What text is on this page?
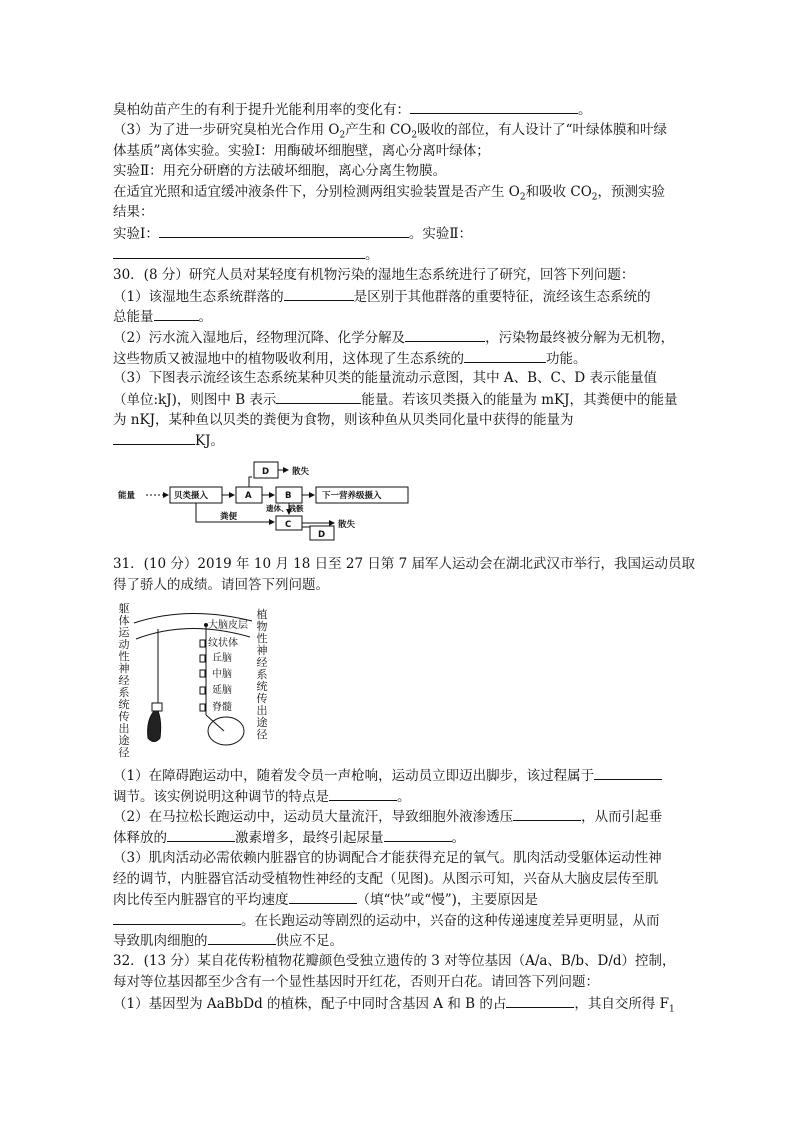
臭柏幼苗产生的有利于提升光能利用率的变化有：	。
（3）为了进一步研究臭柏光合作用 $O_2$产生和 $CO_2$吸收的部位，有人设计了“叶绿体膜和叶绿
体基质”离体实验。实验Ⅰ：用酶破坏细胞壁，离心分离叶绿体；
实验Ⅱ：用充分研磨的方法破坏细胞，离心分离生物膜。
在适宜光照和适宜缓冲液条件下，分别检测两组实验装置是否产生 $O_2$和吸收 $CO_2$，预测实验
结果：
实验Ⅰ：	。实验Ⅱ：
。
30．(8 分）研究人员对某轻度有机物污染的湿地生态系统进行了研究，回答下列问题：
（1）该湿地生态系统群落的	是区别于其他群落的重要特征，流经该生态系统的
总能量	。
（2）污水流入湿地后，经物理沉降、化学分解及	，污染物最终被分解为无机物，
这些物质又被湿地中的植物吸收利用，这体现了生态系统的	功能。
（3）下图表示流经该生态系统某种贝类的能量流动示意图，其中 A、B、C、D 表示能量值
（单位:kJ)，则图中 B 表示	能量。若该贝类摄入的能量为 mKJ，其粪便中的能量
为 nKJ，某种鱼以贝类的粪便为食物，则该种鱼从贝类同化量中获得的能量为
KJ。
能量	贝类摄入	A	B	下一营养级摄入
D	散失
粪便
遗体、残骸
C	散失
D
31．(10 分）2019 年 10 月 18 日至 27 日第 7 届军人运动会在湖北武汉市举行，我国运动员取
得了骄人的成绩。请回答下列问题。
躯体运动性神经系统传出途径
植物性神经系统传出途径
大脑皮层
纹状体
丘脑
中脑
延脑
脊髓
（1）在障碍跑运动中，随着发令员一声枪响，运动员立即迈出脚步，该过程属于
调节。该实例说明这种调节的特点是	。
（2）在马拉松长跑运动中，运动员大量流汗，导致细胞外液渗透压	，从而引起垂
体释放的	激素增多，最终引起尿量	。
（3）肌肉活动必需依赖内脏器官的协调配合才能获得充足的氧气。肌肉活动受躯体运动性神
经的调节，内脏器官活动受植物性神经的支配（见图)。从图示可知，兴奋从大脑皮层传至肌
肉比传至内脏器官的平均速度	（填“快”或“慢”)，主要原因是
。在长跑运动等剧烈的运动中，兴奋的这种传递速度差异更明显，从而
导致肌肉细胞的	供应不足。
32．(13 分）某自花传粉植物花瓣颜色受独立遗传的 3 对等位基因（A/a、B/b、D/d）控制，
每对等位基因都至少含有一个显性基因时开红花，否则开白花。请回答下列问题：
（1）基因型为 AaBbDd 的植株，配子中同时含基因 A 和 B 的占	，其自交所得 $F_1$
